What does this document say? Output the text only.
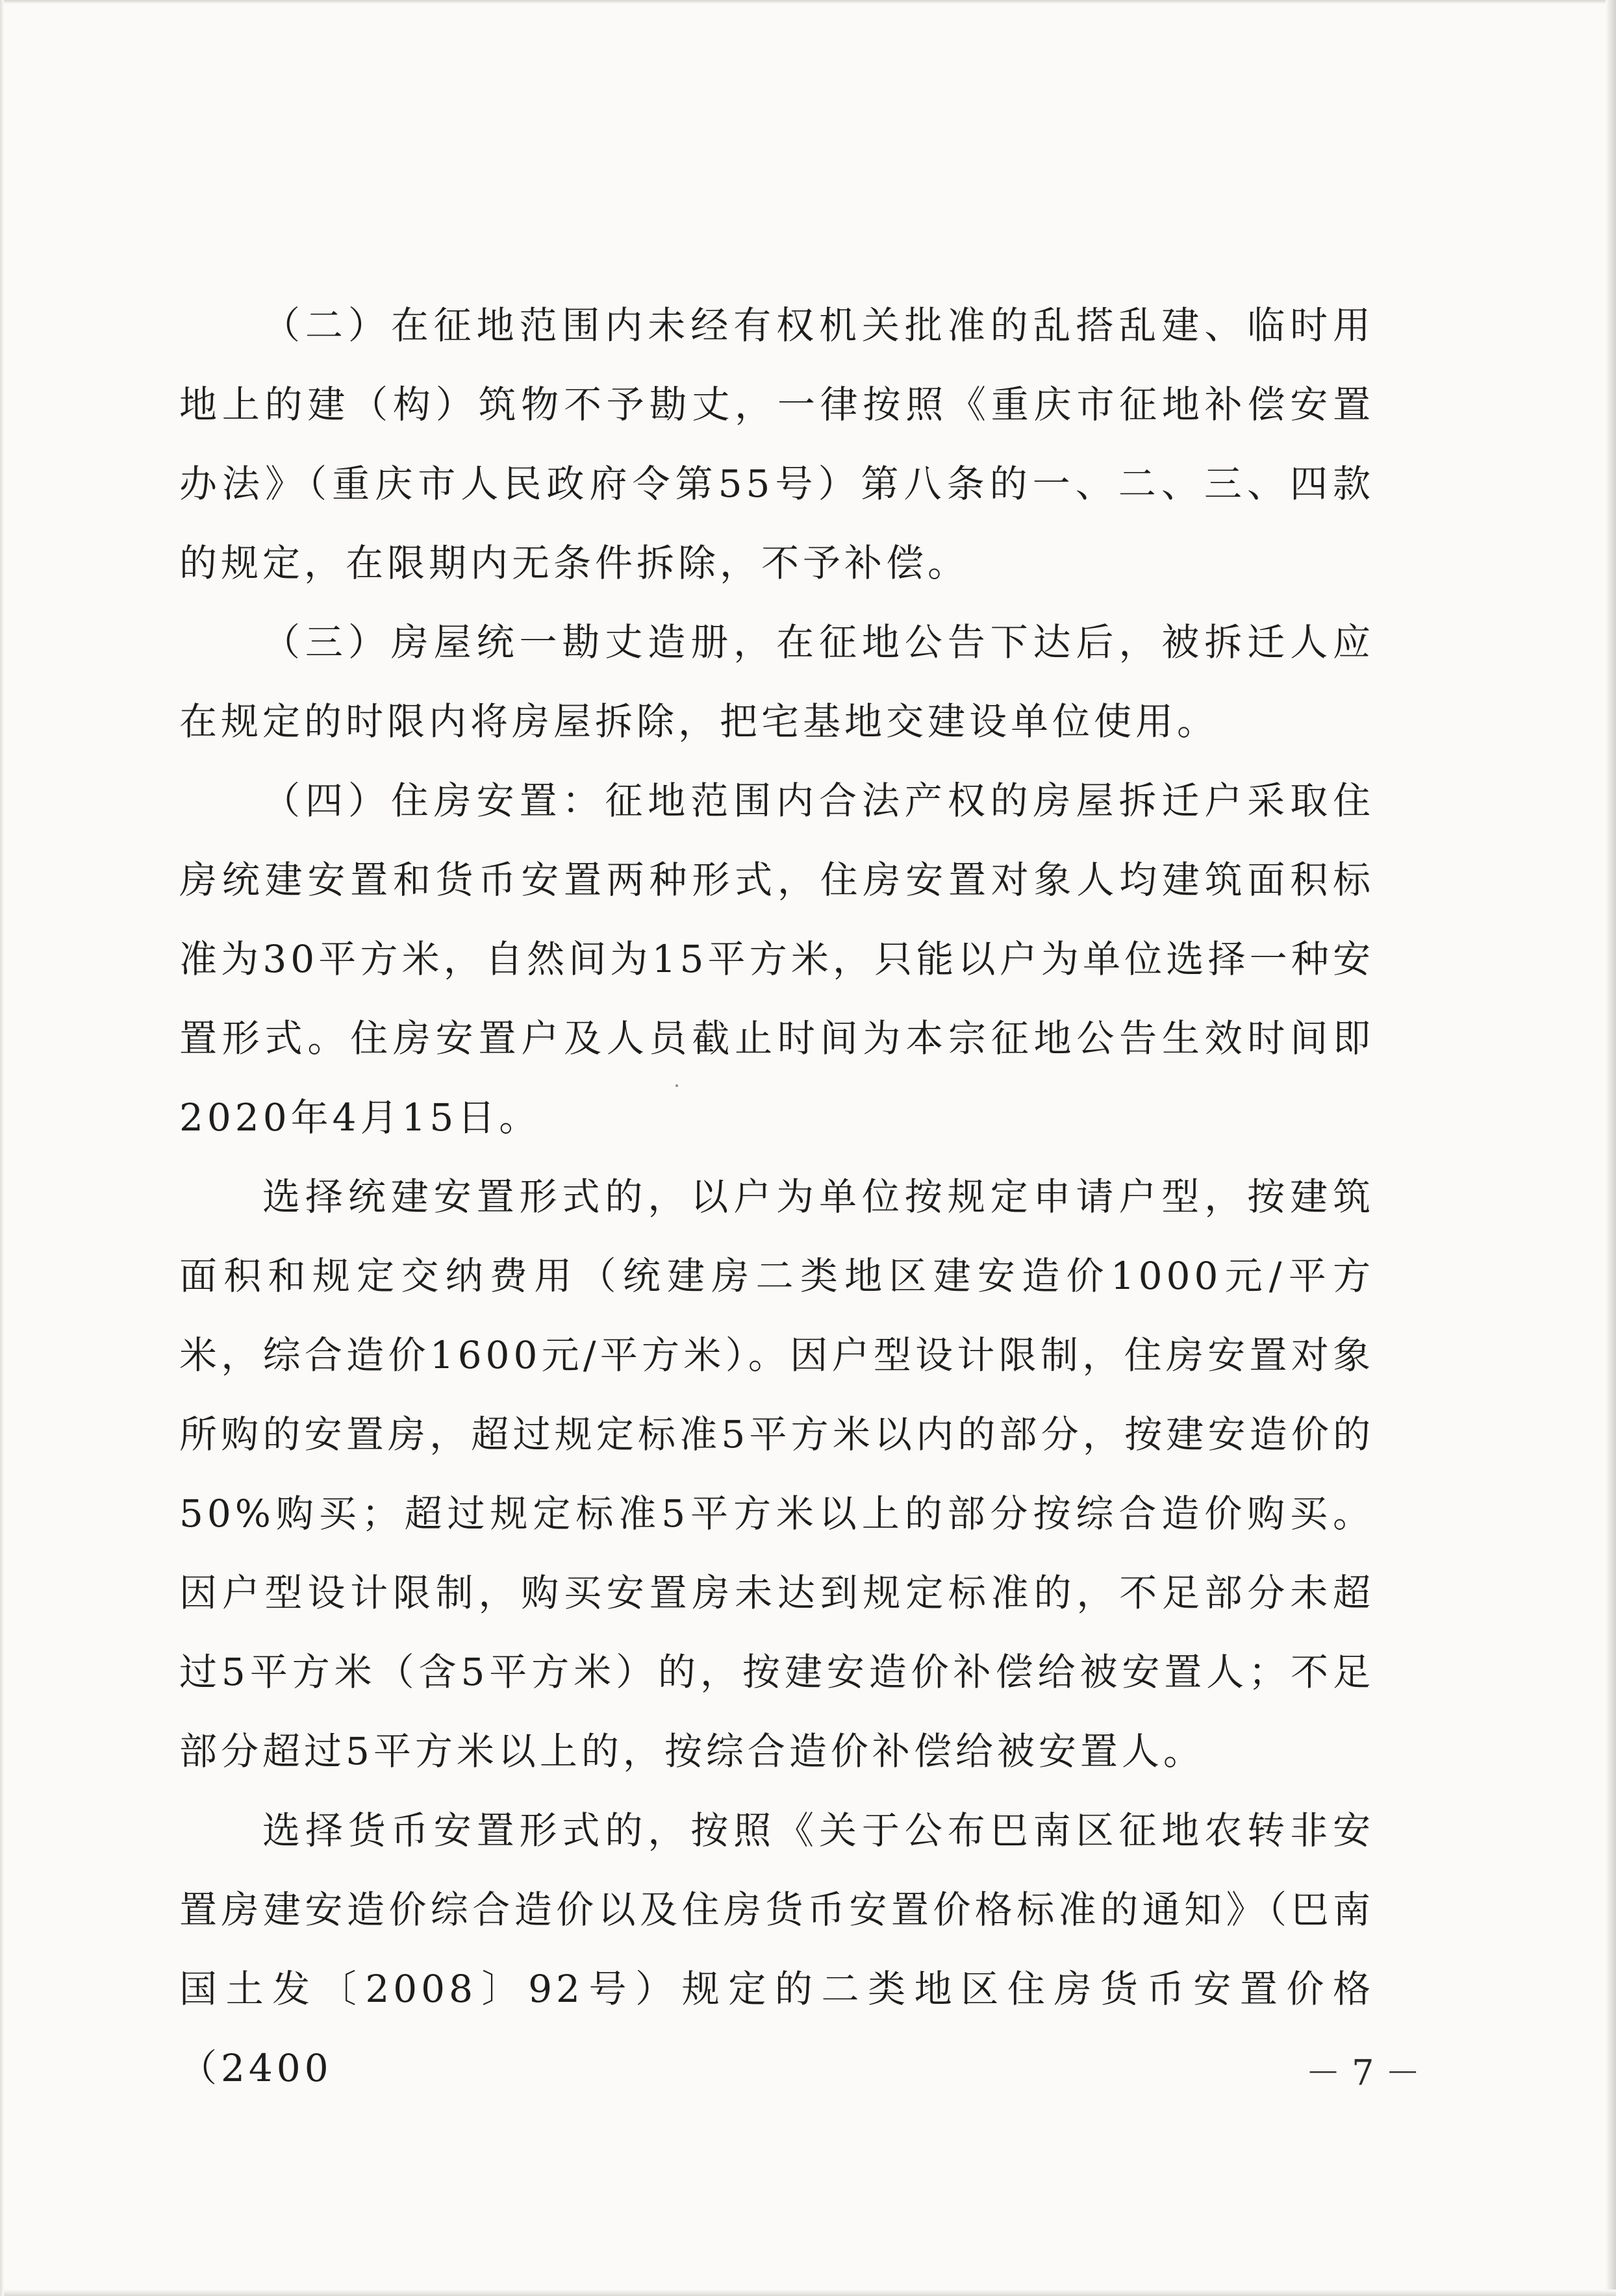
（二）在征地范围内未经有权机关批准的乱搭乱建、临时用地上的建（构）筑物不予勘丈，一律按照《重庆市征地补偿安置办法》（重庆市人民政府令第55号）第八条的一、二、三、四款的规定，在限期内无条件拆除，不予补偿。

（三）房屋统一勘丈造册，在征地公告下达后，被拆迁人应在规定的时限内将房屋拆除，把宅基地交建设单位使用。

（四）住房安置：征地范围内合法产权的房屋拆迁户采取住房统建安置和货币安置两种形式，住房安置对象人均建筑面积标准为30平方米，自然间为15平方米，只能以户为单位选择一种安置形式。住房安置户及人员截止时间为本宗征地公告生效时间即2020年4月15日。

选择统建安置形式的，以户为单位按规定申请户型，按建筑面积和规定交纳费用（统建房二类地区建安造价1000元/平方米，综合造价1600元/平方米）。因户型设计限制，住房安置对象所购的安置房，超过规定标准5平方米以内的部分，按建安造价的50%购买；超过规定标准5平方米以上的部分按综合造价购买。因户型设计限制，购买安置房未达到规定标准的，不足部分未超过5平方米（含5平方米）的，按建安造价补偿给被安置人；不足部分超过5平方米以上的，按综合造价补偿给被安置人。

选择货币安置形式的，按照《关于公布巴南区征地农转非安置房建安造价综合造价以及住房货币安置价格标准的通知》（巴南国土发〔2008〕92号）规定的二类地区住房货币安置价格（2400	－ 7 －
